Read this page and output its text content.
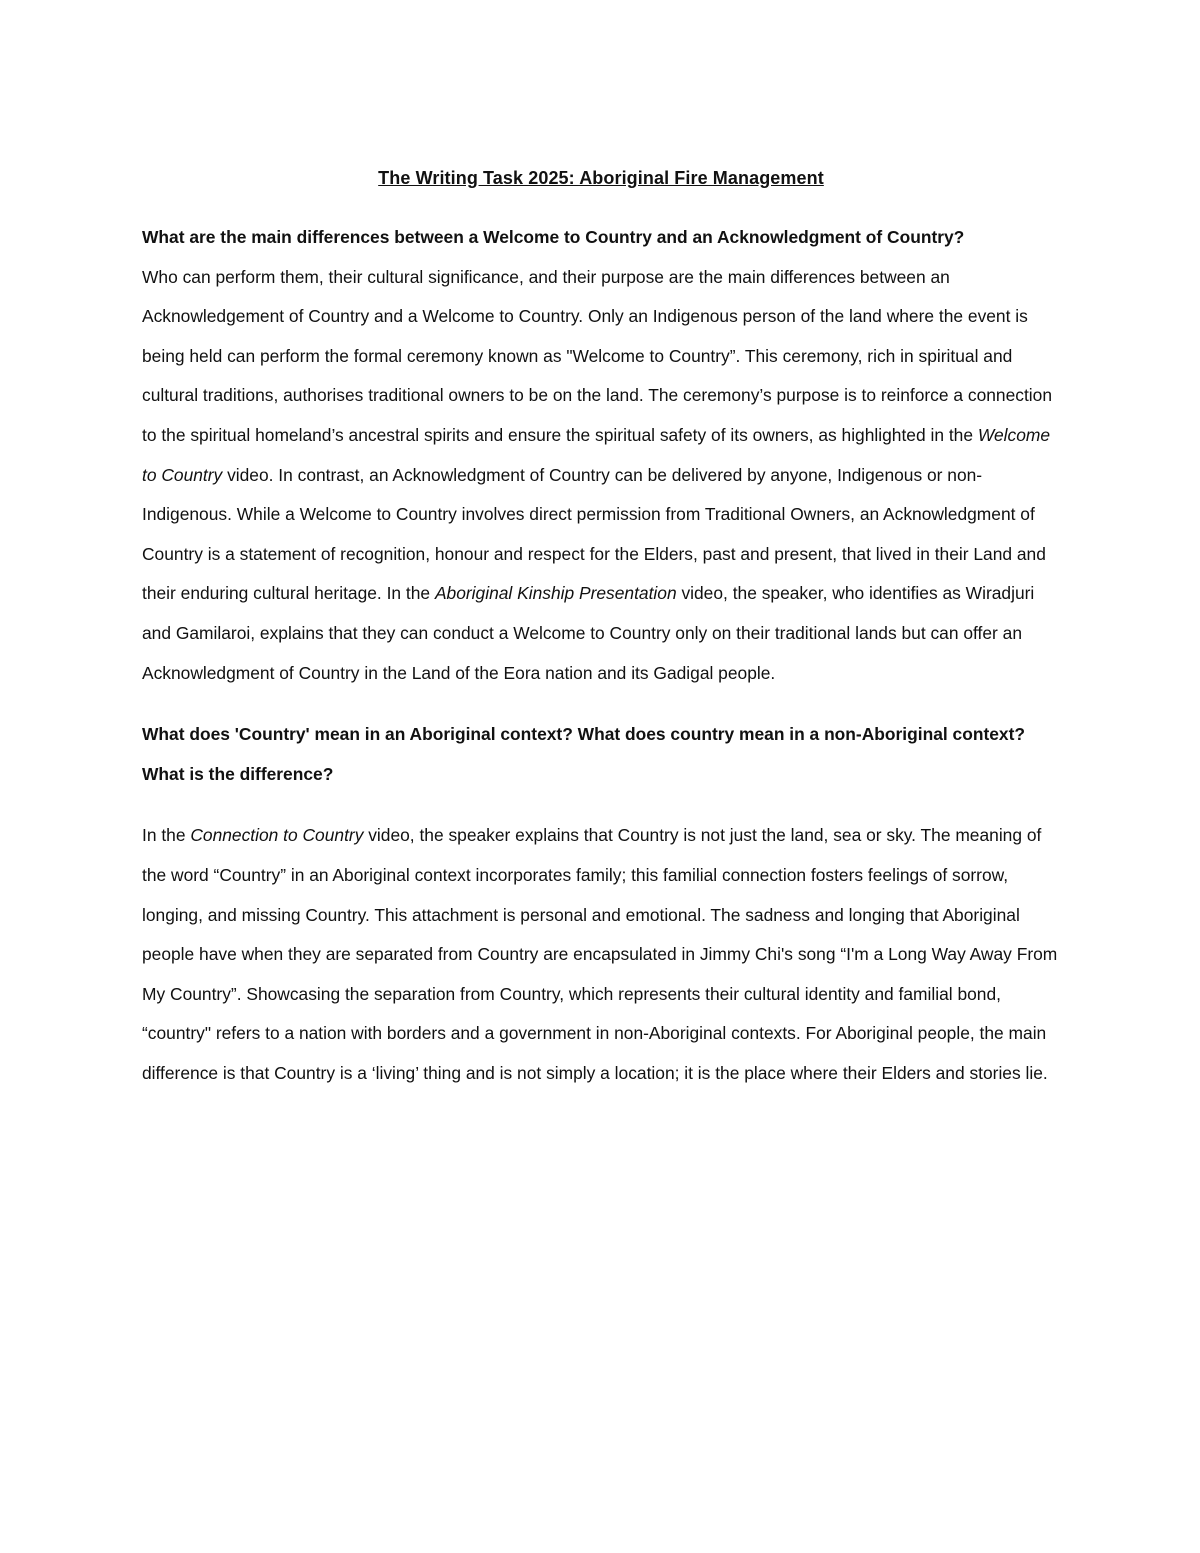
The Writing Task 2025: Aboriginal Fire Management

What are the main differences between a Welcome to Country and an Acknowledgment of Country?

Who can perform them, their cultural significance, and their purpose are the main differences between an Acknowledgement of Country and a Welcome to Country. Only an Indigenous person of the land where the event is being held can perform the formal ceremony known as "Welcome to Country”. This ceremony, rich in spiritual and cultural traditions, authorises traditional owners to be on the land. The ceremony’s purpose is to reinforce a connection to the spiritual homeland’s ancestral spirits and ensure the spiritual safety of its owners, as highlighted in the Welcome to Country video. In contrast, an Acknowledgment of Country can be delivered by anyone, Indigenous or non-Indigenous. While a Welcome to Country involves direct permission from Traditional Owners, an Acknowledgment of Country is a statement of recognition, honour and respect for the Elders, past and present, that lived in their Land and their enduring cultural heritage. In the Aboriginal Kinship Presentation video, the speaker, who identifies as Wiradjuri and Gamilaroi, explains that they can conduct a Welcome to Country only on their traditional lands but can offer an Acknowledgment of Country in the Land of the Eora nation and its Gadigal people.

What does 'Country' mean in an Aboriginal context? What does country mean in a non-Aboriginal context? What is the difference?

In the Connection to Country video, the speaker explains that Country is not just the land, sea or sky. The meaning of the word “Country” in an Aboriginal context incorporates family; this familial connection fosters feelings of sorrow, longing, and missing Country. This attachment is personal and emotional. The sadness and longing that Aboriginal people have when they are separated from Country are encapsulated in Jimmy Chi's song “I'm a Long Way Away From My Country”. Showcasing the separation from Country, which represents their cultural identity and familial bond, “country" refers to a nation with borders and a government in non-Aboriginal contexts. For Aboriginal people, the main difference is that Country is a ‘living’ thing and is not simply a location; it is the place where their Elders and stories lie.
